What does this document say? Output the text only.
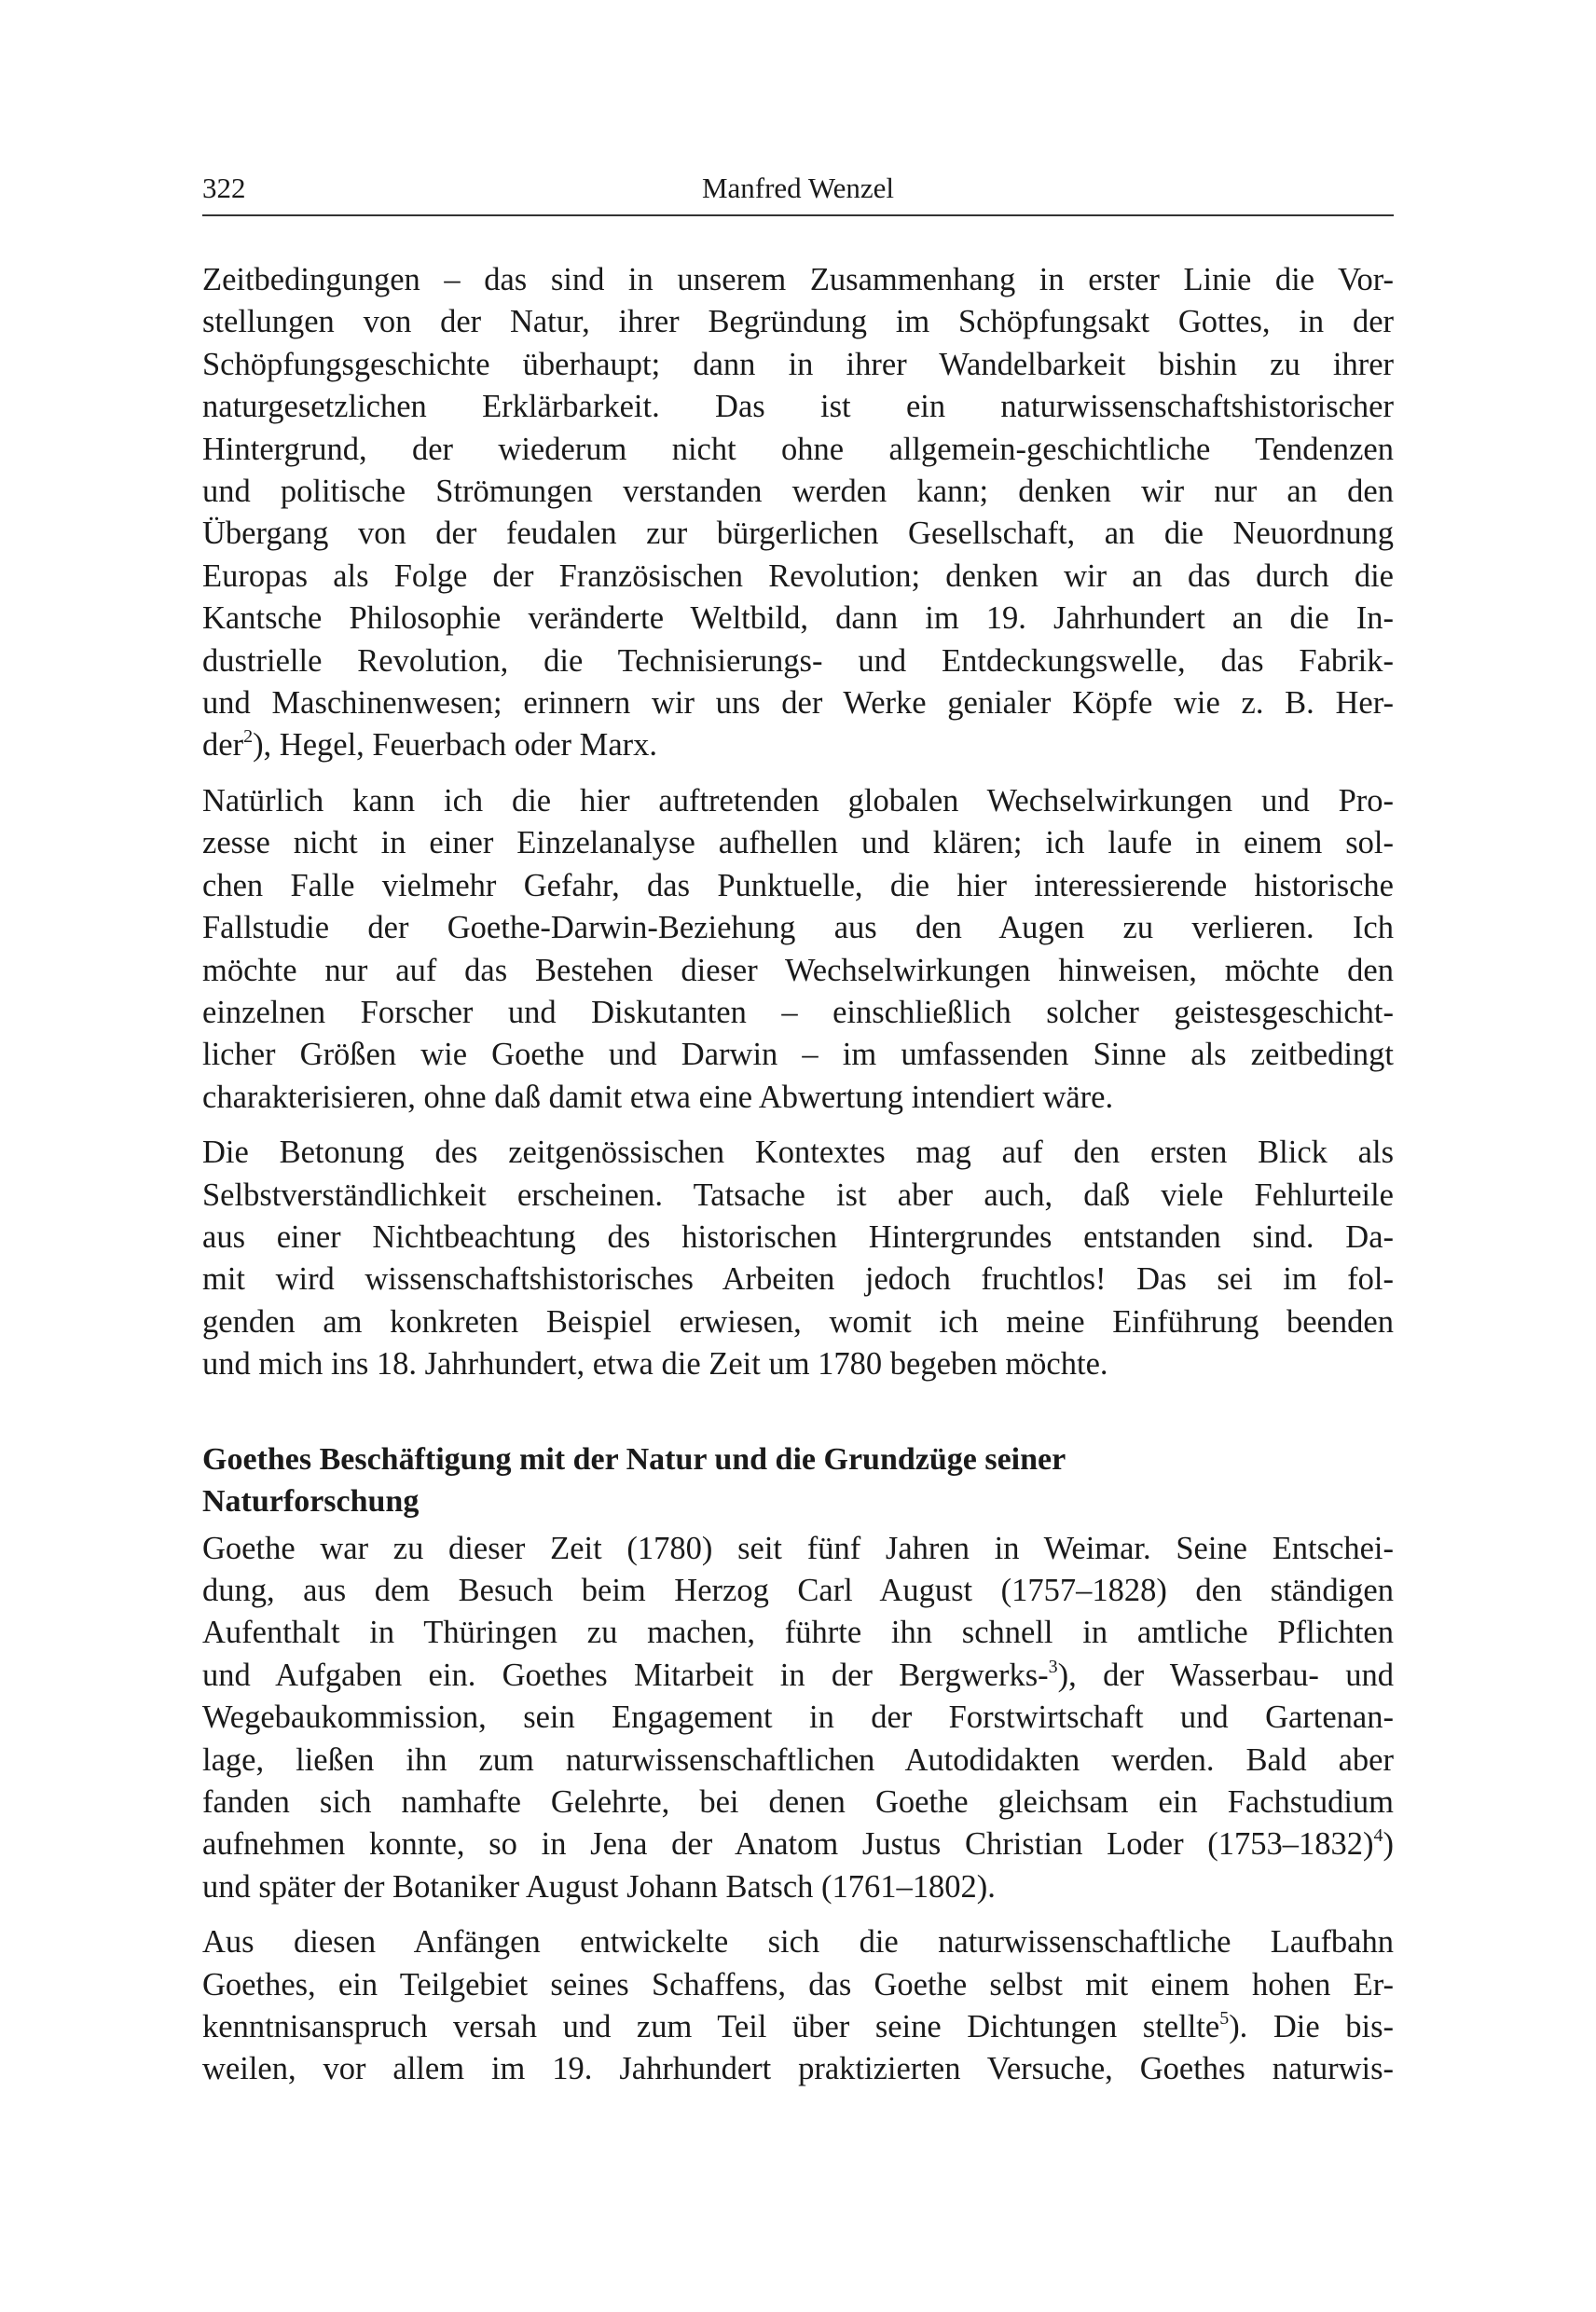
322	Manfred Wenzel

Zeitbedingungen – das sind in unserem Zusammenhang in erster Linie die Vor-
stellungen von der Natur, ihrer Begründung im Schöpfungsakt Gottes, in der
Schöpfungsgeschichte überhaupt; dann in ihrer Wandelbarkeit bishin zu ihrer
naturgesetzlichen Erklärbarkeit. Das ist ein naturwissenschaftshistorischer
Hintergrund, der wiederum nicht ohne allgemein-geschichtliche Tendenzen
und politische Strömungen verstanden werden kann; denken wir nur an den
Übergang von der feudalen zur bürgerlichen Gesellschaft, an die Neuordnung
Europas als Folge der Französischen Revolution; denken wir an das durch die
Kantsche Philosophie veränderte Weltbild, dann im 19. Jahrhundert an die In-
dustrielle Revolution, die Technisierungs- und Entdeckungswelle, das Fabrik-
und Maschinenwesen; erinnern wir uns der Werke genialer Köpfe wie z. B. Her-
der$^2$), Hegel, Feuerbach oder Marx.

Natürlich kann ich die hier auftretenden globalen Wechselwirkungen und Pro-
zesse nicht in einer Einzelanalyse aufhellen und klären; ich laufe in einem sol-
chen Falle vielmehr Gefahr, das Punktuelle, die hier interessierende historische
Fallstudie der Goethe-Darwin-Beziehung aus den Augen zu verlieren. Ich
möchte nur auf das Bestehen dieser Wechselwirkungen hinweisen, möchte den
einzelnen Forscher und Diskutanten – einschließlich solcher geistesgeschicht-
licher Größen wie Goethe und Darwin – im umfassenden Sinne als zeitbedingt
charakterisieren, ohne daß damit etwa eine Abwertung intendiert wäre.

Die Betonung des zeitgenössischen Kontextes mag auf den ersten Blick als
Selbstverständlichkeit erscheinen. Tatsache ist aber auch, daß viele Fehlurteile
aus einer Nichtbeachtung des historischen Hintergrundes entstanden sind. Da-
mit wird wissenschaftshistorisches Arbeiten jedoch fruchtlos! Das sei im fol-
genden am konkreten Beispiel erwiesen, womit ich meine Einführung beenden
und mich ins 18. Jahrhundert, etwa die Zeit um 1780 begeben möchte.

Goethes Beschäftigung mit der Natur und die Grundzüge seiner
Naturforschung

Goethe war zu dieser Zeit (1780) seit fünf Jahren in Weimar. Seine Entschei-
dung, aus dem Besuch beim Herzog Carl August (1757–1828) den ständigen
Aufenthalt in Thüringen zu machen, führte ihn schnell in amtliche Pflichten
und Aufgaben ein. Goethes Mitarbeit in der Bergwerks-$^3$), der Wasserbau- und
Wegebaukommission, sein Engagement in der Forstwirtschaft und Gartenan-
lage, ließen ihn zum naturwissenschaftlichen Autodidakten werden. Bald aber
fanden sich namhafte Gelehrte, bei denen Goethe gleichsam ein Fachstudium
aufnehmen konnte, so in Jena der Anatom Justus Christian Loder (1753–1832)$^4$)
und später der Botaniker August Johann Batsch (1761–1802).

Aus diesen Anfängen entwickelte sich die naturwissenschaftliche Laufbahn
Goethes, ein Teilgebiet seines Schaffens, das Goethe selbst mit einem hohen Er-
kenntnisanspruch versah und zum Teil über seine Dichtungen stellte$^5$). Die bis-
weilen, vor allem im 19. Jahrhundert praktizierten Versuche, Goethes naturwis-
